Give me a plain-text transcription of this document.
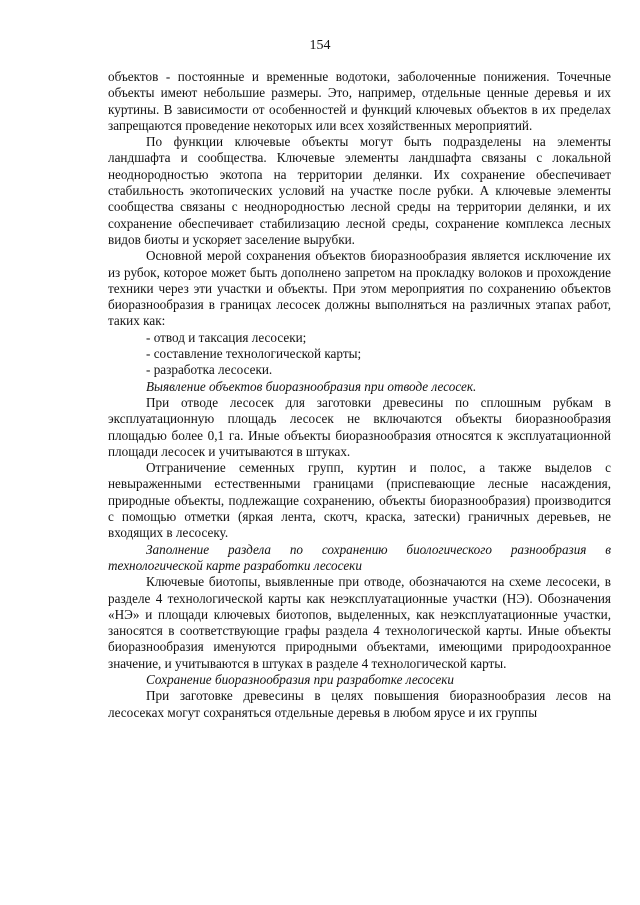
154

объектов - постоянные и временные водотоки, заболоченные понижения. Точечные объекты имеют небольшие размеры. Это, например, отдельные ценные деревья и их куртины. В зависимости от особенностей и функций ключевых объектов в их пределах запрещаются проведение некоторых или всех хозяйственных мероприятий.

По функции ключевые объекты могут быть подразделены на элементы ландшафта и сообщества. Ключевые элементы ландшафта связаны с локальной неоднородностью экотопа на территории делянки. Их сохранение обеспечивает стабильность экотопических условий на участке после рубки. А ключевые элементы сообщества связаны с неоднородностью лесной среды на территории делянки, и их сохранение обеспечивает стабилизацию лесной среды, сохранение комплекса лесных видов биоты и ускоряет заселение вырубки.

Основной мерой сохранения объектов биоразнообразия является исключение их из рубок, которое может быть дополнено запретом на прокладку волоков и прохождение техники через эти участки и объекты. При этом мероприятия по сохранению объектов биоразнообразия в границах лесосек должны выполняться на различных этапах работ, таких как:

- отвод и таксация лесосеки;

- составление технологической карты;

- разработка лесосеки.

Выявление объектов биоразнообразия при отводе лесосек.

При отводе лесосек для заготовки древесины по сплошным рубкам в эксплуатационную площадь лесосек не включаются объекты биоразнообразия площадью более 0,1 га. Иные объекты биоразнообразия относятся к эксплуатационной площади лесосек и учитываются в штуках.

Отграничение семенных групп, куртин и полос, а также выделов с невыраженными естественными границами (приспевающие лесные насаждения, природные объекты, подлежащие сохранению, объекты биоразнообразия) производится с помощью отметки (яркая лента, скотч, краска, затески) граничных деревьев, не входящих в лесосеку.

Заполнение раздела по сохранению биологического разнообразия в технологической карте разработки лесосеки

Ключевые биотопы, выявленные при отводе, обозначаются на схеме лесосеки, в разделе 4 технологической карты как неэксплуатационные участки (НЭ). Обозначения «НЭ» и площади ключевых биотопов, выделенных, как неэксплуатационные участки, заносятся в соответствующие графы раздела 4 технологической карты. Иные объекты биоразнообразия именуются природными объектами, имеющими природоохранное значение, и учитываются в штуках в разделе 4 технологической карты.

Сохранение биоразнообразия при разработке лесосеки

При заготовке древесины в целях повышения биоразнообразия лесов на лесосеках могут сохраняться отдельные деревья в любом ярусе и их группы
